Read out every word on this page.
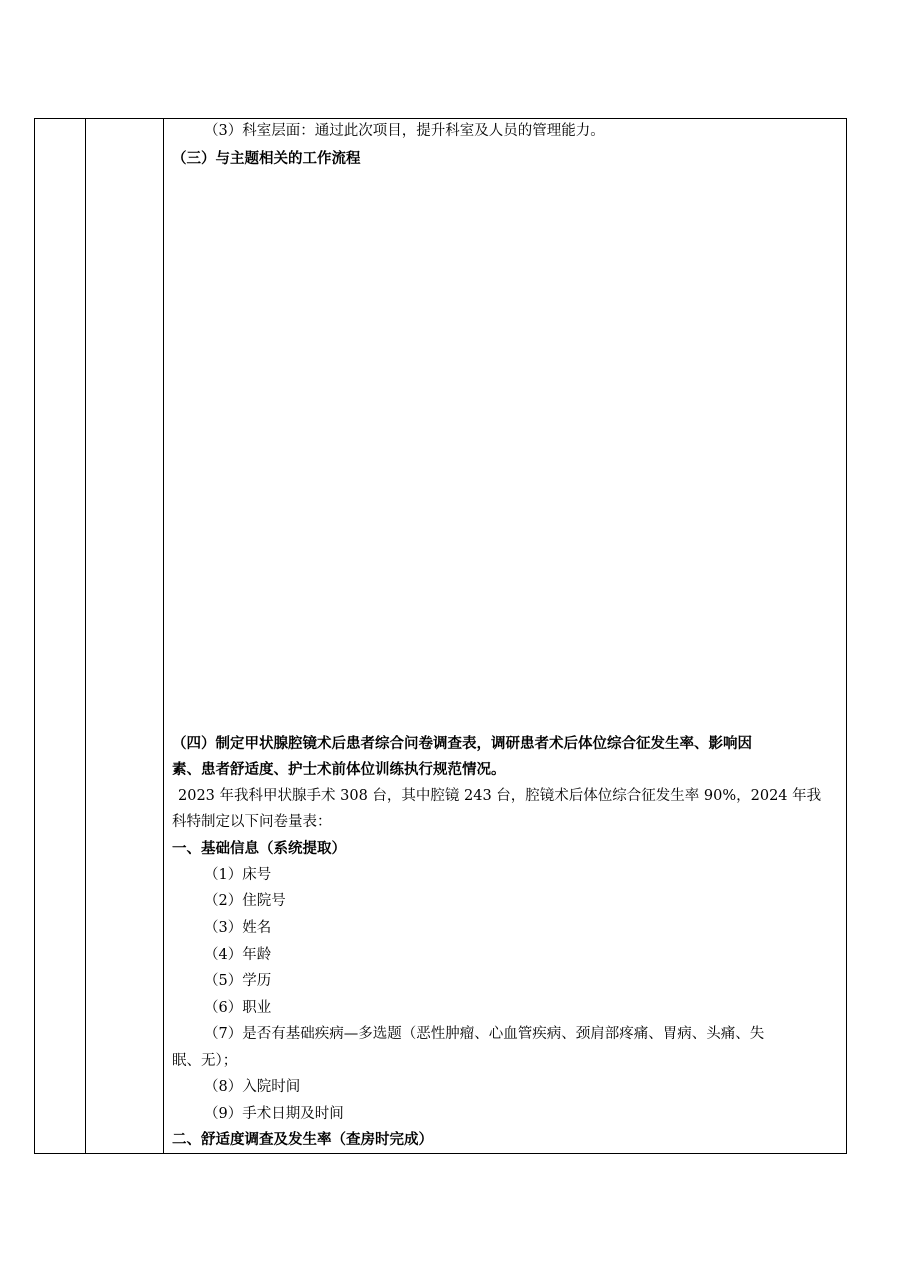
（3）科室层面：通过此次项目，提升科室及人员的管理能力。
（三）与主题相关的工作流程
（四）制定甲状腺腔镜术后患者综合问卷调查表，调研患者术后体位综合征发生率、影响因
素、患者舒适度、护士术前体位训练执行规范情况。
2023 年我科甲状腺手术 308 台，其中腔镜 243 台，腔镜术后体位综合征发生率 90%，2024 年我
科特制定以下问卷量表：
一、基础信息（系统提取）
（1）床号
（2）住院号
（3）姓名
（4）年龄
（5）学历
（6）职业
（7）是否有基础疾病—多选题（恶性肿瘤、心血管疾病、颈肩部疼痛、胃病、头痛、失
眠、无）；
（8）入院时间
（9）手术日期及时间
二、舒适度调查及发生率（查房时完成）
